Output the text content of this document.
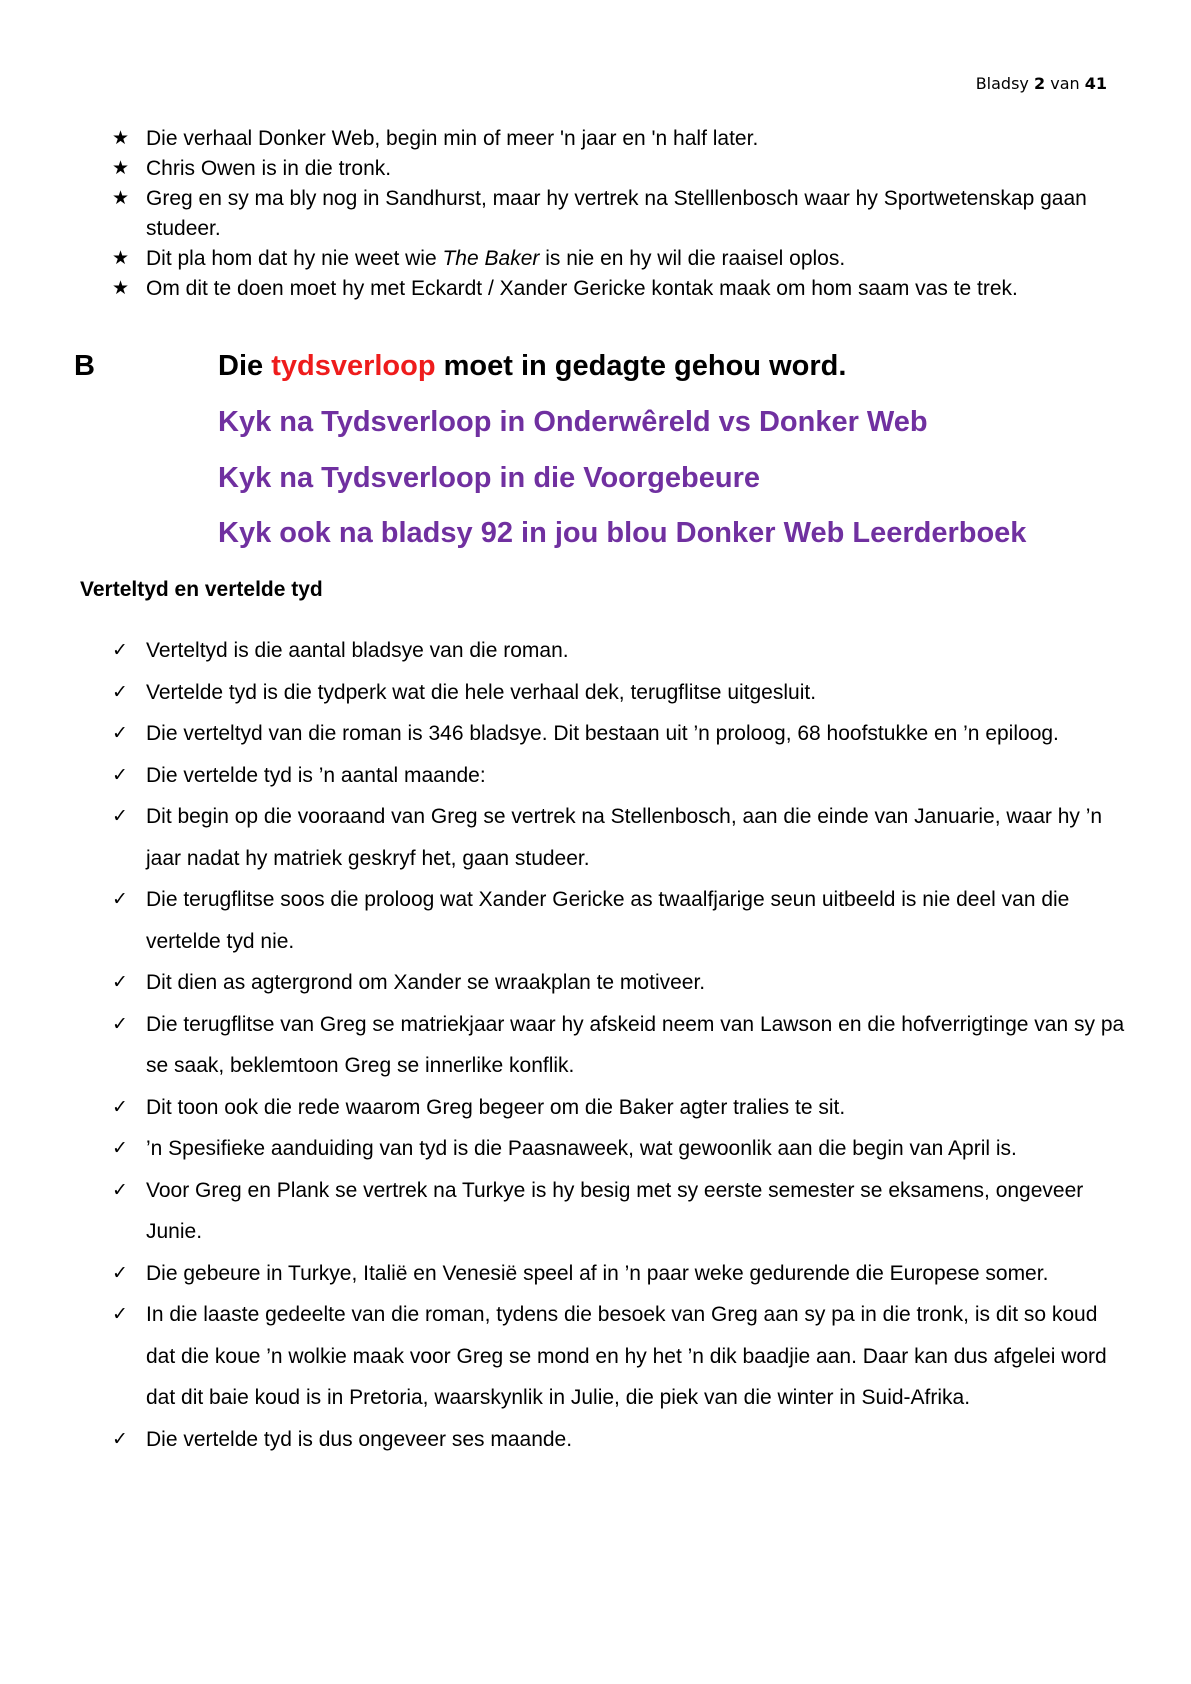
Bladsy 2 van 41
★ Die verhaal Donker Web, begin min of meer 'n jaar en 'n half later.
★ Chris Owen is in die tronk.
★ Greg en sy ma bly nog in Sandhurst, maar hy vertrek na Stelllenbosch waar hy Sportwetenskap gaan studeer.
★ Dit pla hom dat hy nie weet wie The Baker is nie en hy wil die raaisel oplos.
★ Om dit te doen moet hy met Eckardt / Xander Gericke kontak maak om hom saam vas te trek.
B	Die tydsverloop moet in gedagte gehou word.
Kyk na Tydsverloop in Onderwêreld vs Donker Web
Kyk na Tydsverloop in die Voorgebeure
Kyk ook na bladsy 92 in jou blou Donker Web Leerderboek
Verteltyd en vertelde tyd
✓ Verteltyd is die aantal bladsye van die roman.
✓ Vertelde tyd is die tydperk wat die hele verhaal dek, terugflitse uitgesluit.
✓ Die verteltyd van die roman is 346 bladsye. Dit bestaan uit ’n proloog, 68 hoofstukke en ’n epiloog.
✓ Die vertelde tyd is ’n aantal maande:
✓ Dit begin op die vooraand van Greg se vertrek na Stellenbosch, aan die einde van Januarie, waar hy ’n jaar nadat hy matriek geskryf het, gaan studeer.
✓ Die terugflitse soos die proloog wat Xander Gericke as twaalfjarige seun uitbeeld is nie deel van die vertelde tyd nie.
✓ Dit dien as agtergrond om Xander se wraakplan te motiveer.
✓ Die terugflitse van Greg se matriekjaar waar hy afskeid neem van Lawson en die hofverrigtinge van sy pa se saak, beklemtoon Greg se innerlike konflik.
✓ Dit toon ook die rede waarom Greg begeer om die Baker agter tralies te sit.
✓ ’n Spesifieke aanduiding van tyd is die Paasnaweek, wat gewoonlik aan die begin van April is.
✓ Voor Greg en Plank se vertrek na Turkye is hy besig met sy eerste semester se eksamens, ongeveer Junie.
✓ Die gebeure in Turkye, Italië en Venesië speel af in ’n paar weke gedurende die Europese somer.
✓ In die laaste gedeelte van die roman, tydens die besoek van Greg aan sy pa in die tronk, is dit so koud dat die koue ’n wolkie maak voor Greg se mond en hy het ’n dik baadjie aan. Daar kan dus afgelei word dat dit baie koud is in Pretoria, waarskynlik in Julie, die piek van die winter in Suid-Afrika.
✓ Die vertelde tyd is dus ongeveer ses maande.
